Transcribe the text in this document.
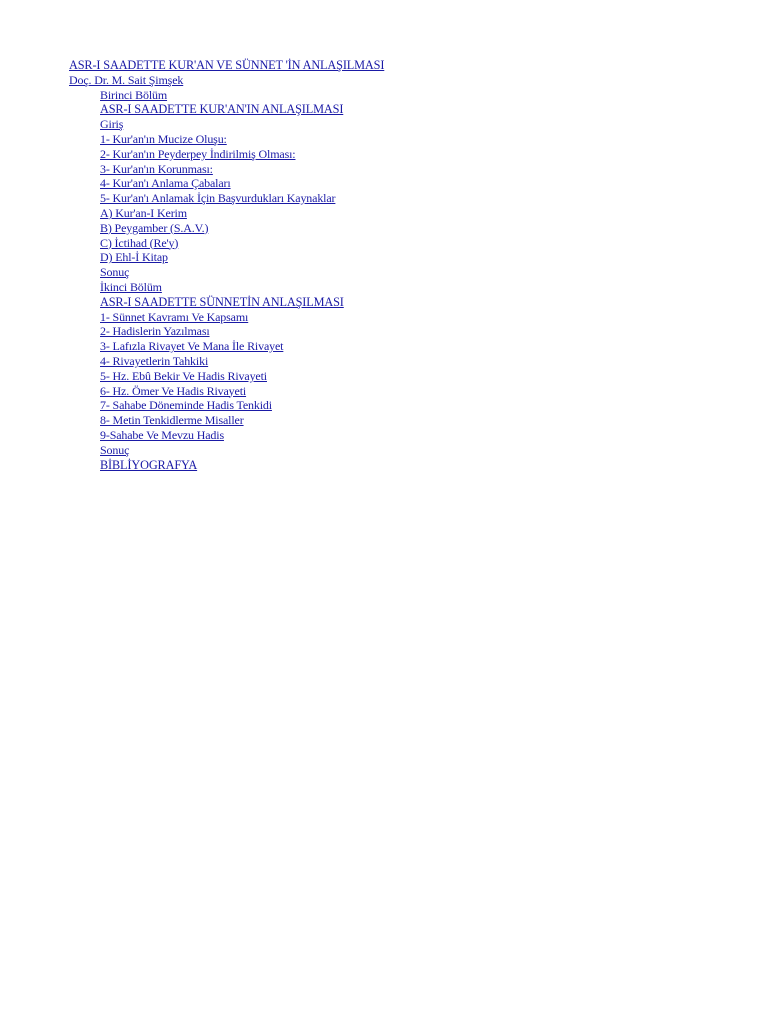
ASR-I SAADETTE KUR'AN VE SÜNNET 'İN ANLAŞILMASI
Doç. Dr. M. Sait Şimşek
Birinci Bölüm
ASR-I SAADETTE KUR'AN'IN ANLAŞILMASI
Giriş
1- Kur'an'ın Mucize Oluşu:
2- Kur'an'ın Peyderpey İndirilmiş Olması:
3- Kur'an'ın Korunması:
4- Kur'an'ı Anlama Çabaları
5- Kur'an'ı Anlamak İçin Başvurdukları Kaynaklar
A) Kur'an-I Kerim
B) Peygamber (S.A.V.)
C) İctihad (Re'y)
D) Ehl-İ Kitap
Sonuç
İkinci Bölüm
ASR-I SAADETTE SÜNNETİN ANLAŞILMASI
1- Sünnet Kavramı Ve Kapsamı
2- Hadislerin Yazılması
3- Lafızla Rivayet Ve Mana İle Rivayet
4- Rivayetlerin Tahkiki
5- Hz. Ebû Bekir Ve Hadis Rivayeti
6- Hz. Ömer Ve Hadis Rivayeti
7- Sahabe Döneminde Hadis Tenkidi
8- Metin Tenkidlerme Misaller
9-Sahabe Ve Mevzu Hadis
Sonuç
BİBLİYOGRAFYA
